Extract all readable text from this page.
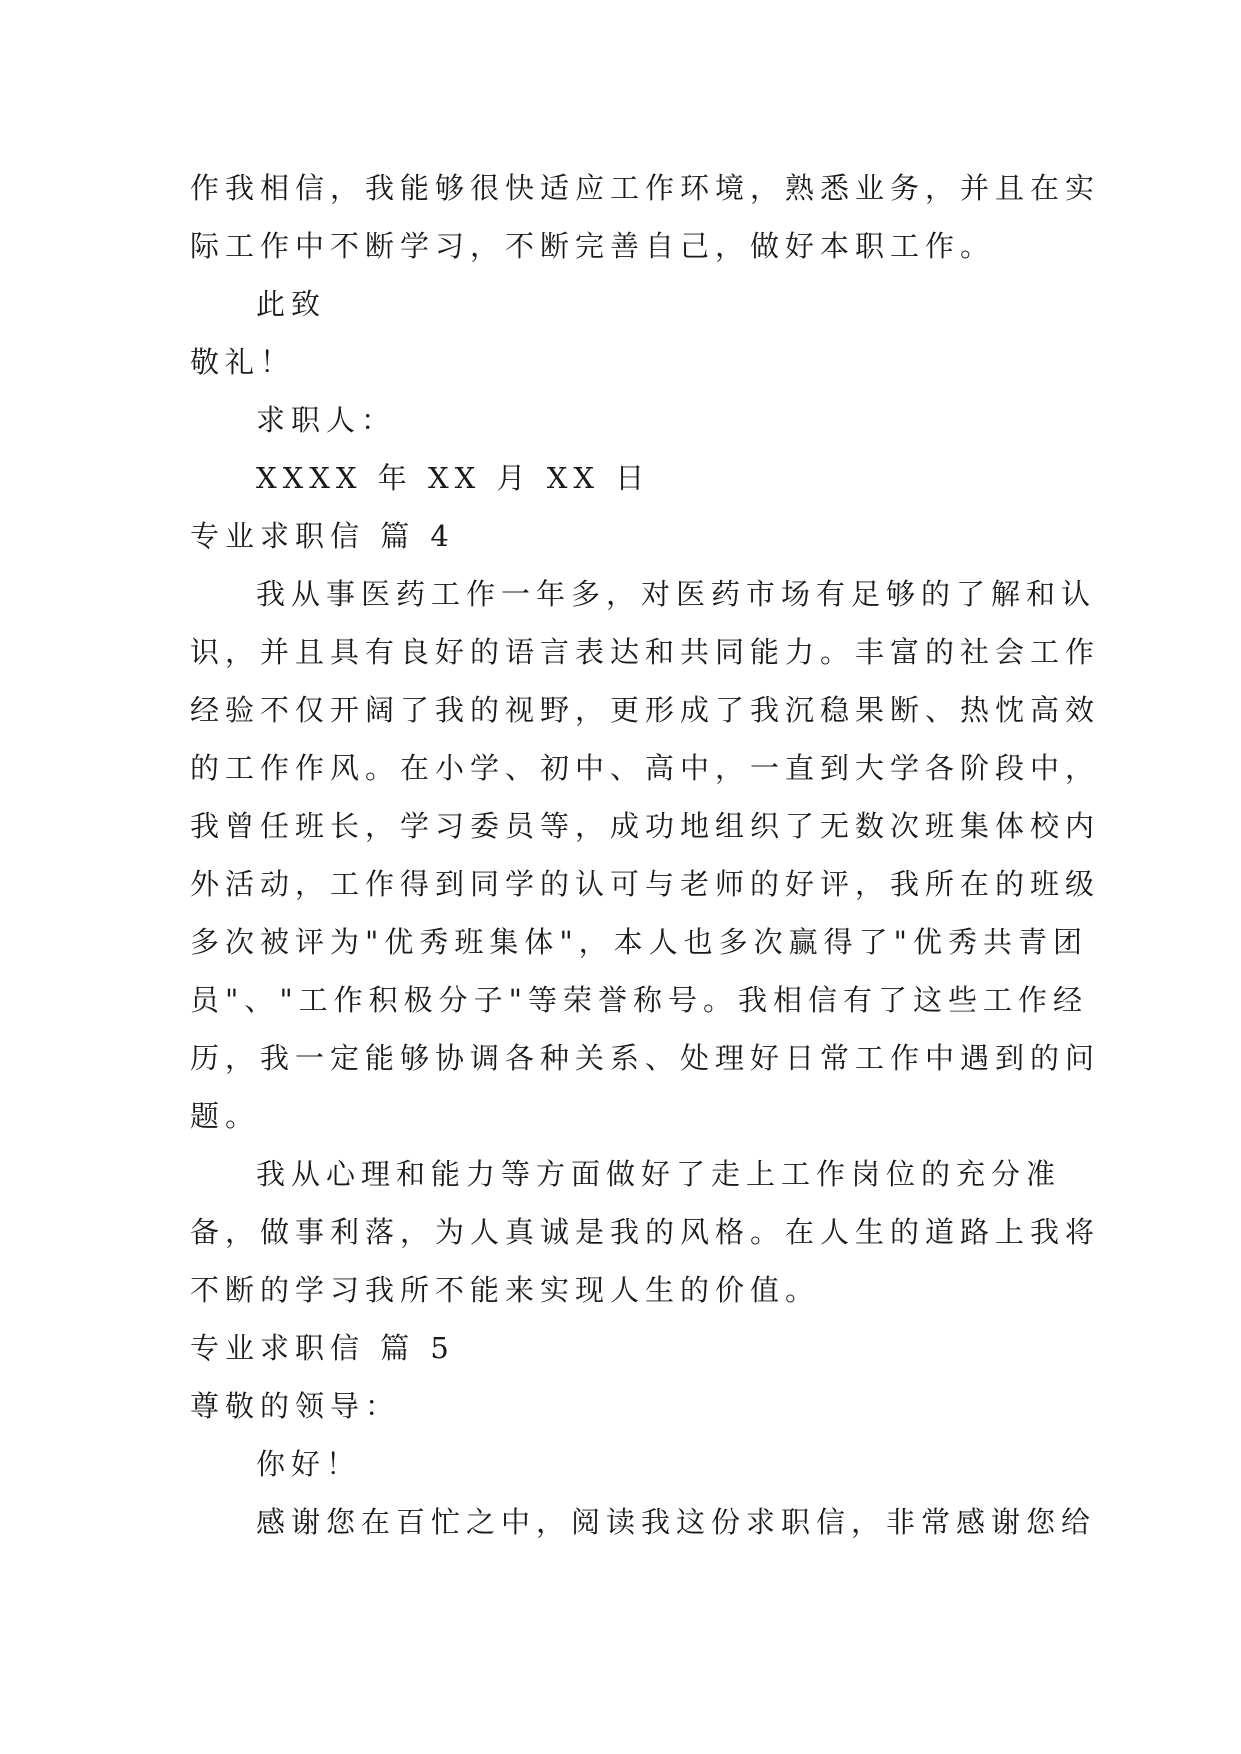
作我相信，我能够很快适应工作环境，熟悉业务，并且在实
际工作中不断学习，不断完善自己，做好本职工作。
此致
敬礼！
求职人：
XXXX 年 XX 月 XX 日
专业求职信 篇 4
我从事医药工作一年多，对医药市场有足够的了解和认
识，并且具有良好的语言表达和共同能力。丰富的社会工作
经验不仅开阔了我的视野，更形成了我沉稳果断、热忱高效
的工作作风。在小学、初中、高中，一直到大学各阶段中，
我曾任班长，学习委员等，成功地组织了无数次班集体校内
外活动，工作得到同学的认可与老师的好评，我所在的班级
多次被评为"优秀班集体"，本人也多次赢得了"优秀共青团
员"、"工作积极分子"等荣誉称号。我相信有了这些工作经
历，我一定能够协调各种关系、处理好日常工作中遇到的问
题。
我从心理和能力等方面做好了走上工作岗位的充分准
备，做事利落，为人真诚是我的风格。在人生的道路上我将
不断的学习我所不能来实现人生的价值。
专业求职信 篇 5
尊敬的领导：
你好！
感谢您在百忙之中，阅读我这份求职信，非常感谢您给
